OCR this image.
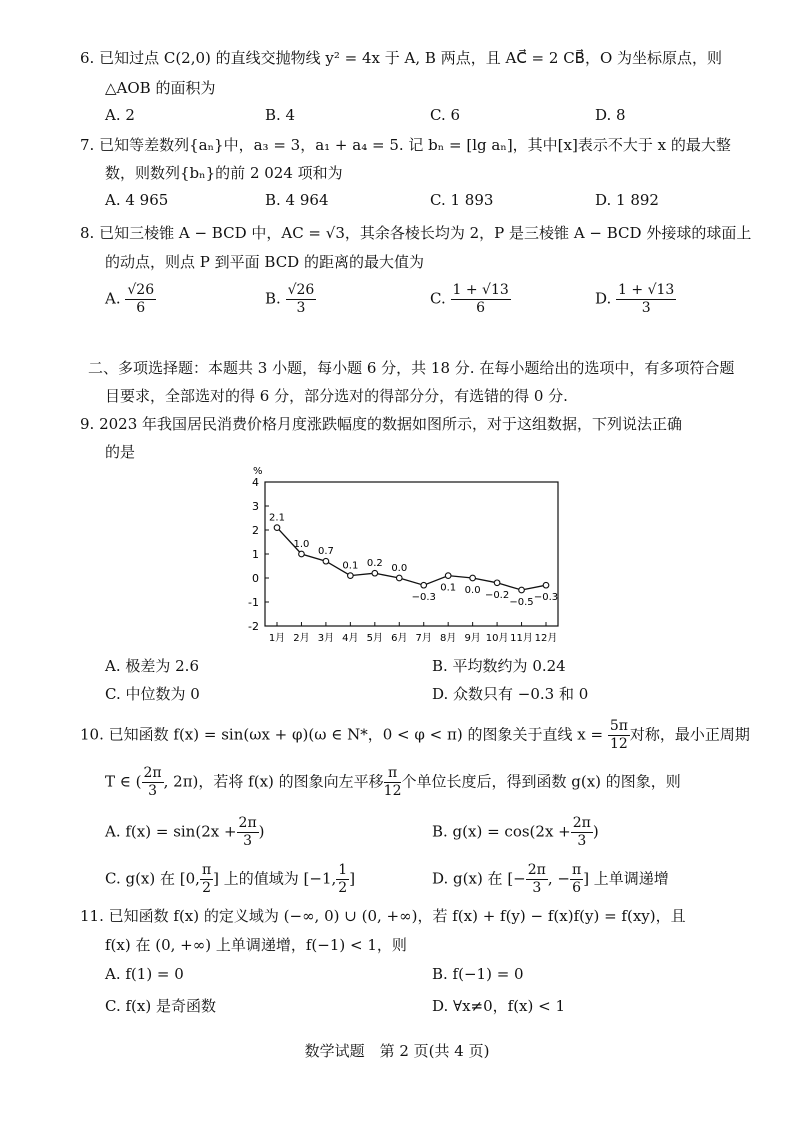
6. 已知过点 C(2,0) 的直线交抛物线 y² = 4x 于 A, B 两点，且 AC⃗ = 2 CB⃗，O 为坐标原点，则
△AOB 的面积为
A. 2	B. 4	C. 6	D. 8
7. 已知等差数列{aₙ}中，a₃ = 3，a₁ + a₄ = 5. 记 bₙ = [lg aₙ]，其中[x]表示不大于 x 的最大整
数，则数列{bₙ}的前 2 024 项和为
A. 4 965	B. 4 964	C. 1 893	D. 1 892
8. 已知三棱锥 A − BCD 中，AC = √3，其余各棱长均为 2，P 是三棱锥 A − BCD 外接球的球面上
的动点，则点 P 到平面 BCD 的距离的最大值为
A. $\frac{√26}{6}$	B. $\frac{√26}{3}$	C. $\frac{1 + √13}{6}$	D. $\frac{1 + √13}{3}$
二、多项选择题：本题共 3 小题，每小题 6 分，共 18 分. 在每小题给出的选项中，有多项符合题
目要求，全部选对的得 6 分，部分选对的得部分分，有选错的得 0 分.
9. 2023 年我国居民消费价格月度涨跌幅度的数据如图所示，对于这组数据，下列说法正确
的是
%
4
3
2
1
0
-1
-2
1月 2月 3月 4月 5月 6月 7月 8月 9月 10月 11月 12月
2.1
1.0
0.7
0.1 0.2 0.0
−0.3
0.1 0.0 −0.2
−0.5 −0.3
A. 极差为 2.6	B. 平均数约为 0.24
C. 中位数为 0	D. 众数只有 −0.3 和 0
10. 已知函数 f(x) = sin(ωx + φ)(ω ∈ N*，0 < φ < π) 的图象关于直线 $x = \frac{5\pi}{12}$ 对称，最小正周期
T ∈ ( $\frac{2\pi}{3}$ , 2π)，若将 f(x) 的图象向左平移 $\frac{\pi}{12}$ 个单位长度后，得到函数 g(x) 的图象，则
A. $f(x) = \sin(2x + \frac{2\pi}{3}$ )	B. $g(x) = \cos(2x + \frac{2\pi}{3}$ )
C. g(x) 在 [0, $\frac{\pi}{2}$ ] 上的值域为 [−1, $\frac{1}{2}$ ]	D. g(x) 在 [− $\frac{2\pi}{3}$ , − $\frac{\pi}{6}$ ] 上单调递增
11. 已知函数 f(x) 的定义域为 (−∞, 0) ∪ (0, +∞)，若 f(x) + f(y) − f(x)f(y) = f(xy)，且
f(x) 在 (0, +∞) 上单调递增，f(−1) < 1，则
A. f(1) = 0	B. f(−1) = 0
C. f(x) 是奇函数	D. ∀x≠0，f(x) < 1
数学试题　第 2 页(共 4 页)
